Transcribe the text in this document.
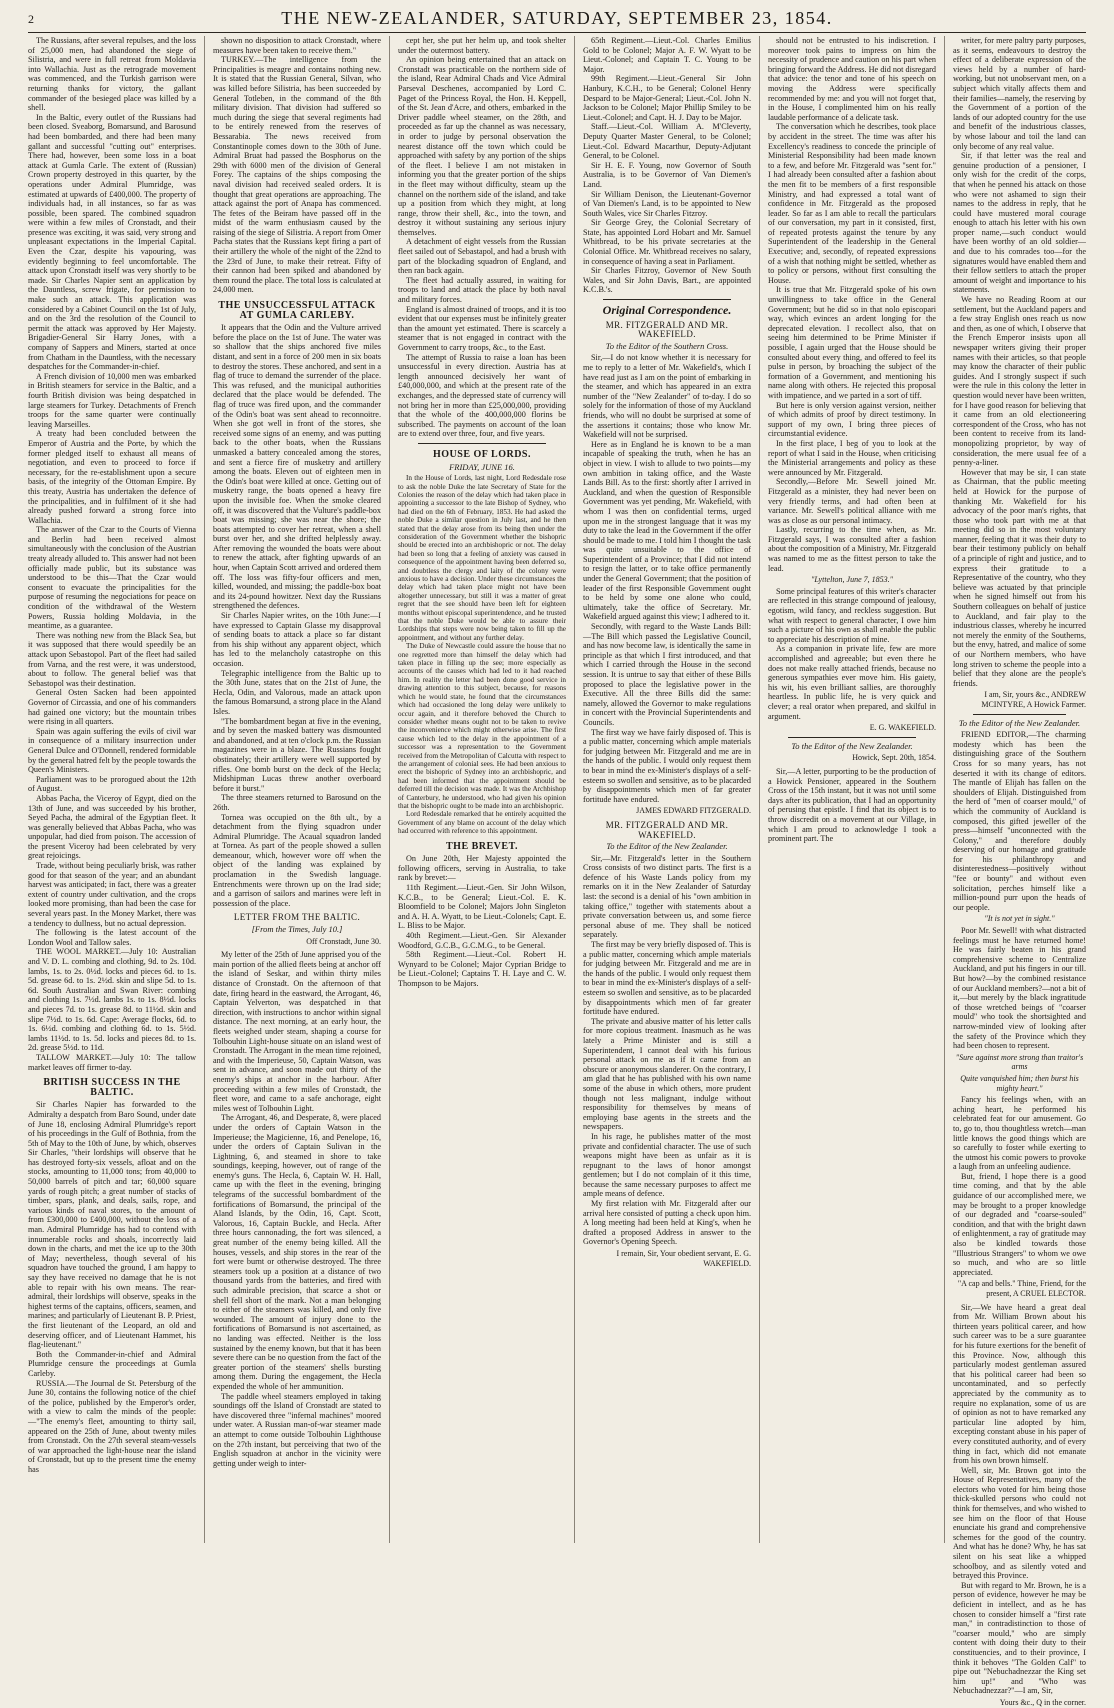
2	THE NEW-ZEALANDER, SATURDAY, SEPTEMBER 23, 1854.

The Russians, after several repulses, and the loss of 25,000 men, had abandoned the siege of Silistria, and were in full retreat from Moldavia into Wallachia. Just as the retrograde movement was commenced, and the Turkish garrison were returning thanks for victory, the gallant commander of the besieged place was killed by a shell.

In the Baltic, every outlet of the Russians had been closed. Sveaborg, Bomarsund, and Barosund had been bombarded, and there had been many gallant and successful "cutting out" enterprises. There had, however, been some loss in a boat attack at Gumla Carle. The extent of (Russian) Crown property destroyed in this quarter, by the operations under Admiral Plumridge, was estimated at upwards of £400,000. The property of individuals had, in all instances, so far as was possible, been spared. The combined squadron were within a few miles of Cronstadt, and their presence was exciting, it was said, very strong and unpleasant expectations in the Imperial Capital. Even the Czar, despite his vapouring, was evidently beginning to feel uncomfortable. The attack upon Cronstadt itself was very shortly to be made. Sir Charles Napier sent an application by the Dauntless, screw frigate, for permission to make such an attack. This application was considered by a Cabinet Council on the 1st of July, and on the 3rd the resolution of the Council to permit the attack was approved by Her Majesty. Brigadier-General Sir Harry Jones, with a company of Sappers and Miners, started at once from Chatham in the Dauntless, with the necessary despatches for the Commander-in-chief.

A French division of 10,000 men was embarked in British steamers for service in the Baltic, and a fourth British division was being despatched in large steamers for Turkey. Detachments of French troops for the same quarter were continually leaving Marseilles.

A treaty had been concluded between the Emperor of Austria and the Porte, by which the former pledged itself to exhaust all means of negotiation, and even to proceed to force if necessary, for the re-establishment upon a secure basis, of the integrity of the Ottoman Empire. By this treaty, Austria has undertaken the defence of the principalities, and in fulfilment of it she had already pushed forward a strong force into Wallachia.

The answer of the Czar to the Courts of Vienna and Berlin had been received almost simultaneously with the conclusion of the Austrian treaty already alluded to. This answer had not been officially made public, but its substance was understood to be this—That the Czar would consent to evacuate the principalities for the purpose of resuming the negociations for peace on condition of the withdrawal of the Western Powers, Russia holding Moldavia, in the meantime, as a guarantee.

There was nothing new from the Black Sea, but it was supposed that there would speedily be an attack upon Sebastopol. Part of the fleet had sailed from Varna, and the rest were, it was understood, about to follow. The general belief was that Sebastopol was their destination.

General Osten Sacken had been appointed Governor of Circassia, and one of his commanders had gained one victory; but the mountain tribes were rising in all quarters.

Spain was again suffering the evils of civil war in consequence of a military insurrection under General Dulce and O'Donnell, rendered formidable by the general hatred felt by the people towards the Queen's Ministers.

Parliament was to be prorogued about the 12th of August.

Abbas Pacha, the Viceroy of Egypt, died on the 13th of June, and was succeeded by his brother, Seyed Pacha, the admiral of the Egyptian fleet. It was generally believed that Abbas Pacha, who was unpopular, had died from poison. The accession of the present Viceroy had been celebrated by very great rejoicings.

Trade, without being peculiarly brisk, was rather good for that season of the year; and an abundant harvest was anticipated; in fact, there was a greater extent of country under cultivation, and the crops looked more promising, than had been the case for several years past. In the Money Market, there was a tendency to dullness, but no actual depression.

The following is the latest account of the London Wool and Tallow sales.

THE WOOL MARKET.—July 10: Australian and V. D. L. combing and clothing, 9d. to 2s. 10d. lambs, 1s. to 2s. 0½d. locks and pieces 6d. to 1s. 5d. grease 6d. to 1s. 2½d. skin and slipe 5d. to 1s. 6d. South Australian and Swan River: combing and clothing 1s. 7½d. lambs 1s. to 1s. 8½d. locks and pieces 7d. to 1s. grease 8d. to 11½d. skin and slipe 7½d. to 1s. 6d. Cape: Average flocks, 6d. to 1s. 6½d. combing and clothing 6d. to 1s. 5½d. lambs 11½d. to 1s. 5d. locks and pieces 8d. to 1s. 2d. grease 5½d. to 11d.

TALLOW MARKET.—July 10: The tallow market leaves off firmer to-day.

BRITISH SUCCESS IN THE BALTIC.

Sir Charles Napier has forwarded to the Admiralty a despatch from Baro Sound, under date of June 18, enclosing Admiral Plumridge's report of his proceedings in the Gulf of Bothnia, from the 5th of May to the 10th of June, by which, observes Sir Charles, "their lordships will observe that he has destroyed forty-six vessels, afloat and on the stocks, amounting to 11,000 tons; from 40,000 to 50,000 barrels of pitch and tar; 60,000 square yards of rough pitch; a great number of stacks of timber, spars, plank, and deals, sails, rope, and various kinds of naval stores, to the amount of from £300,000 to £400,000, without the loss of a man. Admiral Plumridge has had to contend with innumerable rocks and shoals, incorrectly laid down in the charts, and met the ice up to the 30th of May; nevertheless, though several of his squadron have touched the ground, I am happy to say they have received no damage that he is not able to repair with his own means. The rear-admiral, their lordships will observe, speaks in the highest terms of the captains, officers, seamen, and marines; and particularly of Lieutenant B. P. Priest, the first lieutenant of the Leopard, an old and deserving officer, and of Lieutenant Hammet, his flag-lieutenant."

Both the Commander-in-chief and Admiral Plumridge censure the proceedings at Gumla Carleby.

RUSSIA.—The Journal de St. Petersburg of the June 30, contains the following notice of the chief of the police, published by the Emperor's order, with a view to calm the minds of the people:—"The enemy's fleet, amounting to thirty sail, appeared on the 25th of June, about twenty miles from Cronstadt. On the 27th several steam-vessels of war approached the light-house near the island of Cronstadt, but up to the present time the enemy has

shown no disposition to attack Cronstadt, where measures have been taken to receive them."

TURKEY.—The intelligence from the Principalities is meagre and contains nothing new. It is stated that the Russian General, Silvan, who was killed before Silistria, has been succeeded by General Totleben, in the command of the 8th military division. That division had suffered so much during the siege that several regiments had to be entirely renewed from the reserves of Bessarabia. The news received from Constantinople comes down to the 30th of June. Admiral Bruat had passed the Bosphorus on the 29th with 6000 men of the division of General Forey. The captains of the ships composing the naval division had received sealed orders. It is thought that great operations are approaching. The attack against the port of Anapa has commenced. The fetes of the Beiram have passed off in the midst of the warm enthusiasm caused by the raising of the siege of Silistria. A report from Omer Pacha states that the Russians kept firing a part of their artillery the whole of the night of the 22nd to the 23rd of June, to make their retreat. Fifty of their cannon had been spiked and abandoned by them round the place. The total loss is calculated at 24,000 men.

THE UNSUCCESSFUL ATTACK AT GUMLA CARLEBY.

It appears that the Odin and the Vulture arrived before the place on the 1st of June. The water was so shallow that the ships anchored five miles distant, and sent in a force of 200 men in six boats to destroy the stores. These anchored, and sent in a flag of truce to demand the surrender of the place. This was refused, and the municipal authorities declared that the place would be defended. The flag of truce was fired upon, and the commander of the Odin's boat was sent ahead to reconnoitre. When she got well in front of the stores, she received some signs of an enemy, and was putting back to the other boats, when the Russians unmasked a battery concealed among the stores, and sent a fierce fire of musketry and artillery among the boats. Eleven out of eighteen men in the Odin's boat were killed at once. Getting out of musketry range, the boats opened a heavy fire upon the invisible foe. When the smoke cleared off, it was discovered that the Vulture's paddle-box boat was missing; she was near the shore; the boats attempted to cover her retreat, when a shell burst over her, and she drifted helplessly away. After removing the wounded the boats were about to renew the attack, after fighting upwards of an hour, when Captain Scott arrived and ordered them off. The loss was fifty-four officers and men, killed, wounded, and missing; the paddle-box boat and its 24-pound howitzer. Next day the Russians strengthened the defences.

Sir Charles Napier writes, on the 10th June:—I have expressed to Captain Glasse my disapproval of sending boats to attack a place so far distant from his ship without any apparent object, which has led to the melancholy catastrophe on this occasion.

Telegraphic intelligence from the Baltic up to the 30th June, states that on the 21st of June, the Hecla, Odin, and Valorous, made an attack upon the famous Bomarsund, a strong place in the Aland Isles.

"The bombardment began at five in the evening, and by seven the masked battery was dismounted and abandoned, and at ten o'clock p.m. the Russian magazines were in a blaze. The Russians fought obstinately; their artillery were well supported by rifles. One bomb burst on the deck of the Hecla; Midshipman Lucas threw another overboard before it burst."

The three steamers returned to Barosund on the 26th.

Tornea was occupied on the 8th ult., by a detachment from the flying squadron under Admiral Plumridge. The Acaual squadron landed at Tornea. As part of the people showed a sullen demeanour, which, however wore off when the object of the landing was explained by proclamation in the Swedish language. Entrenchments were thrown up on the Irad side; and a garrison of sailors and marines were left in possession of the place.

LETTER FROM THE BALTIC.
[From the Times, July 10.]
Off Cronstadt, June 30.

My letter of the 25th of June apprised you of the main portion of the allied fleets being at anchor off the island of Seskar, and within thirty miles distance of Cronstadt. On the afternoon of that date, firing heard in the eastward, the Arrogant, 46, Captain Yelverton, was despatched in that direction, with instructions to anchor within signal distance. The next morning, at an early hour, the fleets weighed under steam, shaping a course for Tolbouhin Light-house situate on an island west of Cronstadt. The Arrogant in the mean time rejoined, and with the Imperieuse, 50, Captain Watson, was sent in advance, and soon made out thirty of the enemy's ships at anchor in the harbour. After proceeding within a few miles of Cronstadt, the fleet wore, and came to a safe anchorage, eight miles west of Tolbouhin Light.

The Arrogant, 46, and Desperate, 8, were placed under the orders of Captain Watson in the Imperieuse; the Magicienne, 16, and Penelope, 16, under the orders of Captain Sulivan in the Lightning, 6, and steamed in shore to take soundings, keeping, however, out of range of the enemy's guns. The Hecla, 6, Captain W. H. Hall, came up with the fleet in the evening, bringing telegrams of the successful bombardment of the fortifications of Bomarsund, the principal of the Aland Islands, by the Odin, 16, Capt. Scott, Valorous, 16, Captain Buckle, and Hecla. After three hours cannonading, the fort was silenced, a great number of the enemy being killed. All the houses, vessels, and ship stores in the rear of the fort were burnt or otherwise destroyed. The three steamers took up a position at a distance of two thousand yards from the batteries, and fired with such admirable precision, that scarce a shot or shell fell short of the mark. Not a man belonging to either of the steamers was killed, and only five wounded. The amount of injury done to the fortifications of Bomarsund is not ascertained, as no landing was effected. Neither is the loss sustained by the enemy known, but that it has been severe there can be no question from the fact of the greater portion of the steamers' shells bursting among them. During the engagement, the Hecla expended the whole of her ammunition.

The paddle wheel steamers employed in taking soundings off the Island of Cronstadt are stated to have discovered three "infernal machines" moored under water. A Russian man-of-war steamer made an attempt to come outside Tolbouhin Lighthouse on the 27th instant, but perceiving that two of the English squadron at anchor in the vicinity were getting under weigh to inter-

cept her, she put her helm up, and took shelter under the outermost battery.

An opinion being entertained that an attack on Cronstadt was practicable on the northern side of the island, Rear Admiral Chads and Vice Admiral Parseval Deschenes, accompanied by Lord C. Paget of the Princess Royal, the Hon. H. Keppell, of the St. Jean d'Acre, and others, embarked in the Driver paddle wheel steamer, on the 28th, and proceeded as far up the channel as was necessary, in order to judge by personal observation the nearest distance off the town which could be approached with safety by any portion of the ships of the fleet. I believe I am not mistaken in informing you that the greater portion of the ships in the fleet may without difficulty, steam up the channel on the northern side of the island, and take up a position from which they might, at long range, throw their shell, &c., into the town, and destroy it without sustaining any serious injury themselves.

A detachment of eight vessels from the Russian fleet sailed out of Sebastapol, and had a brush with part of the blockading squadron of England, and then ran back again.

The fleet had actually assured, in waiting for troops to land and attack the place by both naval and military forces.

England is almost drained of troops, and it is too evident that our expenses must be infinitely greater than the amount yet estimated. There is scarcely a steamer that is not engaged in contract with the Government to carry troops, &c., to the East.

The attempt of Russia to raise a loan has been unsuccessful in every direction. Austria has at length announced decisively her want of £40,000,000, and which at the present rate of the exchanges, and the depressed state of currency will not bring her in more than £25,000,000, providing that the whole of the 400,000,000 florins be subscribed. The payments on account of the loan are to extend over three, four, and five years.

HOUSE OF LORDS.
FRIDAY, JUNE 16.

In the House of Lords, last night, Lord Redesdale rose to ask the noble Duke the late Secretary of State for the Colonies the reason of the delay which had taken place in appointing a successor to the late Bishop of Sydney, who had died on the 6th of February, 1853. He had asked the noble Duke a similar question in July last, and he then stated that the delay arose from its being then under the consideration of the Government whether the bishopric should be erected into an archbishopric or not. The delay had been so long that a feeling of anxiety was caused in consequence of the appointment having been deferred so, and doubtless the clergy and laity of the colony were anxious to have a decision. Under these circumstances the delay which had taken place might not have been altogether unnecessary, but still it was a matter of great regret that the see should have been left for eighteen months without episcopal superintendence, and he trusted that the noble Duke would be able to assure their Lordships that steps were now being taken to fill up the appointment, and without any further delay.

The Duke of Newcastle could assure the house that no one regretted more than himself the delay which had taken place in filling up the see; more especially as accounts of the causes which had led to it had reached him. In reality the letter had been done good service in drawing attention to this subject, because, for reasons which he would state, he found that the circumstances which had occasioned the long delay were unlikely to occur again, and it therefore behoved the Church to consider whether means ought not to be taken to revive the inconvenience which might otherwise arise. The first cause which led to the delay in the appointment of a successor was a representation to the Government received from the Metropolitan of Calcutta with respect to the arrangement of colonial sees. He had been anxious to erect the bishopric of Sydney into an archbishopric, and had been informed that the appointment should be deferred till the decision was made. It was the Archbishop of Canterbury, he understood, who had given his opinion that the bishopric ought to be made into an archbishopric.

Lord Redesdale remarked that he entirely acquitted the Government of any blame on account of the delay which had occurred with reference to this appointment.

THE BREVET.

On June 20th, Her Majesty appointed the following officers, serving in Australia, to take rank by brevet:—

11th Regiment.—Lieut.-Gen. Sir John Wilson, K.C.B., to be General; Lieut.-Col. E. K. Bloomfield to be Colonel; Majors John Singleton and A. H. A. Wyatt, to be Lieut.-Colonels; Capt. E. L. Bliss to be Major.

40th Regiment.—Lieut.-Gen. Sir Alexander Woodford, G.C.B., G.C.M.G., to be General.

58th Regiment.—Lieut.-Col. Robert H. Wynyard to be Colonel; Major Cyprian Bridge to be Lieut.-Colonel; Captains T. H. Laye and C. W. Thompson to be Majors.

65th Regiment.—Lieut.-Col. Charles Emilius Gold to be Colonel; Major A. F. W. Wyatt to be Lieut.-Colonel; and Captain T. C. Young to be Major.

99th Regiment.—Lieut.-General Sir John Hanbury, K.C.H., to be General; Colonel Henry Despard to be Major-General; Lieut.-Col. John N. Jackson to be Colonel; Major Phillip Smiley to be Lieut.-Colonel; and Capt. H. J. Day to be Major.

Staff.—Lieut.-Col. William A. M'Cleverty, Deputy Quarter Master General, to be Colonel; Lieut.-Col. Edward Macarthur, Deputy-Adjutant General, to be Colonel.

Sir H. E. F. Young, now Governor of South Australia, is to be Governor of Van Diemen's Land.

Sir William Denison, the Lieutenant-Governor of Van Diemen's Land, is to be appointed to New South Wales, vice Sir Charles Fitzroy.

Sir George Grey, the Colonial Secretary of State, has appointed Lord Hobart and Mr. Samuel Whitbread, to be his private secretaries at the Colonial Office. Mr. Whitbread receives no salary, in consequence of having a seat in Parliament.

Sir Charles Fitzroy, Governor of New South Wales, and Sir John Davis, Bart., are appointed K.C.B.'s.

Original Correspondence.
MR. FITZGERALD AND MR. WAKEFIELD.
To the Editor of the Southern Cross.

Sir,—I do not know whether it is necessary for me to reply to a letter of Mr. Wakefield's, which I have read just as I am on the point of embarking in the steamer, and which has appeared in an extra number of the "New Zealander" of to-day. I do so solely for the information of those of my Auckland friends, who will no doubt be surprised at some of the assertions it contains; those who know Mr. Wakefield will not be surprised.

Here as in England he is known to be a man incapable of speaking the truth, when he has an object in view. I wish to allude to two points—my own ambition in taking office, and the Waste Lands Bill. As to the first: shortly after I arrived in Auckland, and when the question of Responsible Government was yet pending, Mr. Wakefield, with whom I was then on confidential terms, urged upon me in the strongest language that it was my duty to take the lead in the Government if the offer should be made to me. I told him I thought the task was quite unsuitable to the office of Superintendent of a Province; that I did not intend to resign the latter, or to take office permanently under the General Government; that the position of leader of the first Responsible Government ought to be held by some one alone who could, ultimately, take the office of Secretary. Mr. Wakefield argued against this view; I adhered to it.

Secondly, with regard to the Waste Lands Bill:—The Bill which passed the Legislative Council, and has now become law, is identically the same in principle as that which I first introduced, and that which I carried through the House in the second session. It is untrue to say that either of these Bills proposed to place the legislative power in the Executive. All the three Bills did the same: namely, allowed the Governor to make regulations in concert with the Provincial Superintendents and Councils.

The first way we have fairly disposed of. This is a public matter, concerning which ample materials for judging between Mr. Fitzgerald and me are in the hands of the public. I would only request them to bear in mind the ex-Minister's displays of a self-esteem so swollen and sensitive, as to be placarded by disappointments which men of far greater fortitude have endured.

JAMES EDWARD FITZGERALD.
MR. FITZGERALD AND MR. WAKEFIELD.
To the Editor of the New Zealander.

Sir,—Mr. Fitzgerald's letter in the Southern Cross consists of two distinct parts. The first is a defence of his Waste Lands policy from my remarks on it in the New Zealander of Saturday last: the second is a denial of his "own ambition in taking office," together with statements about a private conversation between us, and some fierce personal abuse of me. They shall be noticed separately.

The first may be very briefly disposed of. This is a public matter, concerning which ample materials for judging between Mr. Fitzgerald and me are in the hands of the public. I would only request them to bear in mind the ex-Minister's displays of a self-esteem so swollen and sensitive, as to be placarded by disappointments which men of far greater fortitude have endured.

The private and abusive matter of his letter calls for more copious treatment. Inasmuch as he was lately a Prime Minister and is still a Superintendent, I cannot deal with his furious personal attack on me as if it came from an obscure or anonymous slanderer. On the contrary, I am glad that he has published with his own name some of the abuse in which others, more prudent though not less malignant, indulge without responsibility for themselves by means of employing base agents in the streets and the newspapers.

In his rage, he publishes matter of the most private and confidential character. The use of such weapons might have been as unfair as it is repugnant to the laws of honor amongst gentlemen; but I do not complain of it this time, because the same necessary purposes to affect me ample means of defence.

My first relation with Mr. Fitzgerald after our arrival here consisted of putting a check upon him. A long meeting had been held at King's, when he drafted a proposed Address in answer to the Governor's Opening Speech.

I remain, Sir, Your obedient servant, E. G. WAKEFIELD.

should not be entrusted to his indiscretion. I moreover took pains to impress on him the necessity of prudence and caution on his part when bringing forward the Address. He did not disregard that advice: the tenor and tone of his speech on moving the Address were specifically recommended by me: and you will not forget that, in the House, I complimented him on his really laudable performance of a delicate task.

The conversation which he describes, took place by accident in the street. The time was after his Excellency's readiness to concede the principle of Ministerial Responsibility had been made known to a few, and before Mr. Fitzgerald was "sent for." I had already been consulted after a fashion about the men fit to be members of a first responsible Ministry, and had expressed a total want of confidence in Mr. Fitzgerald as the proposed leader. So far as I am able to recall the particulars of our conversation, my part in it consisted, first, of repeated protests against the tenure by any Superintendent of the leadership in the General Executive; and, secondly, of repeated expressions of a wish that nothing might be settled, whether as to policy or persons, without first consulting the House.

It is true that Mr. Fitzgerald spoke of his own unwillingness to take office in the General Government; but he did so in that nolo episcopari way, which evinces an ardent longing for the deprecated elevation. I recollect also, that on seeing him determined to be Prime Minister if possible, I again urged that the House should be consulted about every thing, and offered to feel its pulse in person, by broaching the subject of the formation of a Government, and mentioning his name along with others. He rejected this proposal with impatience, and we parted in a sort of tiff.

But here is only version against version, neither of which admits of proof by direct testimony. In support of my own, I bring three pieces of circumstantial evidence.

In the first place, I beg of you to look at the report of what I said in the House, when criticising the Ministerial arrangements and policy as these were announced by Mr. Fitzgerald.

Secondly,—Before Mr. Sewell joined Mr. Fitzgerald as a minister, they had never been on very friendly terms, and had often been at variance. Mr. Sewell's political alliance with me was as close as our personal intimacy.

Lastly, recurring to the time when, as Mr. Fitzgerald says, I was consulted after a fashion about the composition of a Ministry, Mr. Fitzgerald was named to me as the fittest person to take the lead.

"Lyttelton, June 7, 1853."

Some principal features of this writer's character are reflected in this strange compound of jealousy, egotism, wild fancy, and reckless suggestion. But what with respect to general character, I owe him such a picture of his own as shall enable the public to appreciate his description of mine.

As a companion in private life, few are more accomplished and agreeable; but even there he does not make really attached friends, because no generous sympathies ever move him. His gaiety, his wit, his even brilliant sallies, are thoroughly heartless. In public life, he is very quick and clever; a real orator when prepared, and skilful in argument.

E. G. WAKEFIELD.
To the Editor of the New Zealander.
Howick, Sept. 20th, 1854.

Sir,—A letter, purporting to be the production of a Howick Pensioner, appeared in the Southern Cross of the 15th instant, but it was not until some days after its publication, that I had an opportunity of perusing that epistle. I find that its object is to throw discredit on a movement at our Village, in which I am proud to acknowledge I took a prominent part. The

writer, for mere paltry party purposes, as it seems, endeavours to destroy the effect of a deliberate expression of the views held by a number of hard-working, but not unobservant men, on a subject which vitally affects them and their families—namely, the reserving by the Government of a portion of the lands of our adopted country for the use and benefit of the industrious classes, by whose labour and toil the land can only become of any real value.

Sir, if that letter was the real and genuine production of a pensioner, I only wish for the credit of the corps, that when he penned his attack on those who were not ashamed to sign their names to the address in reply, that he could have mustered moral courage enough to attach his letter with his own proper name,—such conduct would have been worthy of an old soldier—and due to his comrades too—for the signatures would have enabled them and their fellow settlers to attach the proper amount of weight and importance to his statements.

We have no Reading Room at our settlement, but the Auckland papers and a few stray English ones reach us now and then, as one of which, I observe that the French Emperor insists upon all newspaper writers giving their proper names with their articles, so that people may know the character of their public guides. And I strongly suspect if such were the rule in this colony the letter in question would never have been written, for I have good reason for believing that it came from an old electioneering correspondent of the Cross, who has not been content to receive from its land-monopolizing proprietor, by way of consideration, the mere usual fee of a penny-a-liner.

However that may be sir, I can state as Chairman, that the public meeting held at Howick for the purpose of thanking Mr. Wakefield for his advocacy of the poor man's rights, that those who took part with me at that meeting did so in the most voluntary manner, feeling that it was their duty to bear their testimony publicly on behalf of a principle of right and justice, and to express their gratitude to a Representative of the country, who they believe was actuated by that principle when he signed himself out from his Southern colleagues on behalf of justice to Auckland, and fair play to the industrious classes, whereby he incurred not merely the enmity of the Southerns, but the envy, hatred, and malice of some of our Northern members, who have long striven to scheme the people into a belief that they alone are the people's friends.

I am, Sir, yours &c., ANDREW MCINTYRE, A Howick Farmer.
To the Editor of the New Zealander.

FRIEND EDITOR,—The charming modesty which has been the distinguishing grace of the Southern Cross for so many years, has not deserted it with its change of editors. The mantle of Elijah has fallen on the shoulders of Elijah. Distinguished from the herd of "men of coarser mould," of which the community of Auckland is composed, this gifted jeweller of the press—himself "unconnected with the Colony," and therefore doubly deserving of our homage and gratitude for his philanthropy and disinterestedness—positively without "fee or bounty" and without even solicitation, perches himself like a million-pound purr upon the heads of our people.

"It is not yet in sight."

Poor Mr. Sewell! with what distracted feelings must he have returned home! He was fairly beaten in his grand comprehensive scheme to Centralize Auckland, and put his fingers in our till. But how?—by the combined resistance of our Auckland members?—not a bit of it,—but merely by the black ingratitude of those wretched beings of "coarser mould" who took the shortsighted and narrow-minded view of looking after the safety of the Province which they had been chosen to represent.

"Sure against more strong than traitor's arms
Quite vanquished him; then burst his mighty heart."

Fancy his feelings when, with an aching heart, he performed his celebrated feat for our amusement. Go to, go to, thou thoughtless wretch—man little knows the good things which are so carefully to foster while exerting to the utmost his comic powers to provoke a laugh from an unfeeling audience.

But, friend, I hope there is a good time coming, and that by the able guidance of our accomplished mere, we may be brought to a proper knowledge of our degraded and "coarse-souled" condition, and that with the bright dawn of enlightenment, a ray of gratitude may also be kindled towards those "Illustrious Strangers" to whom we owe so much, and who are so little appreciated.

"A cap and bells." Thine, Friend, for the present, A CRUEL ELECTOR.

Sir,—We have heard a great deal from Mr. William Brown about his thirteen years political career, and how such career was to be a sure guarantee for his future exertions for the benefit of this Province. Now, although this particularly modest gentleman assured that his political career had been so uncontaminated, and so perfectly appreciated by the community as to require no explanation, some of us are of opinion as not to have remarked any particular line adopted by him, excepting constant abuse in his paper of every constituted authority, and of every thing in fact, which did not emanate from his own brown himself.

Well, sir, Mr. Brown got into the House of Representatives, many of the electors who voted for him being those thick-skulled persons who could not think for themselves, and who wished to see him on the floor of that House enunciate his grand and comprehensive schemes for the good of the country. And what has he done? Why, he has sat silent on his seat like a whipped schoolboy, and as silently voted and betrayed this Province.

But with regard to Mr. Brown, he is a person of evidence, however he may be deficient in intellect, and as he has chosen to consider himself a "first rate man," in contradistinction to those of "coarser mould," who are simply content with doing their duty to their constituencies, and to their province, I think it behoves "The Golden Calf" to pipe out "Nebuchadnezzar the King set him up!" and "Who was Nebuchadnezzar?"—I am, Sir,

Yours &c., Q in the corner.
